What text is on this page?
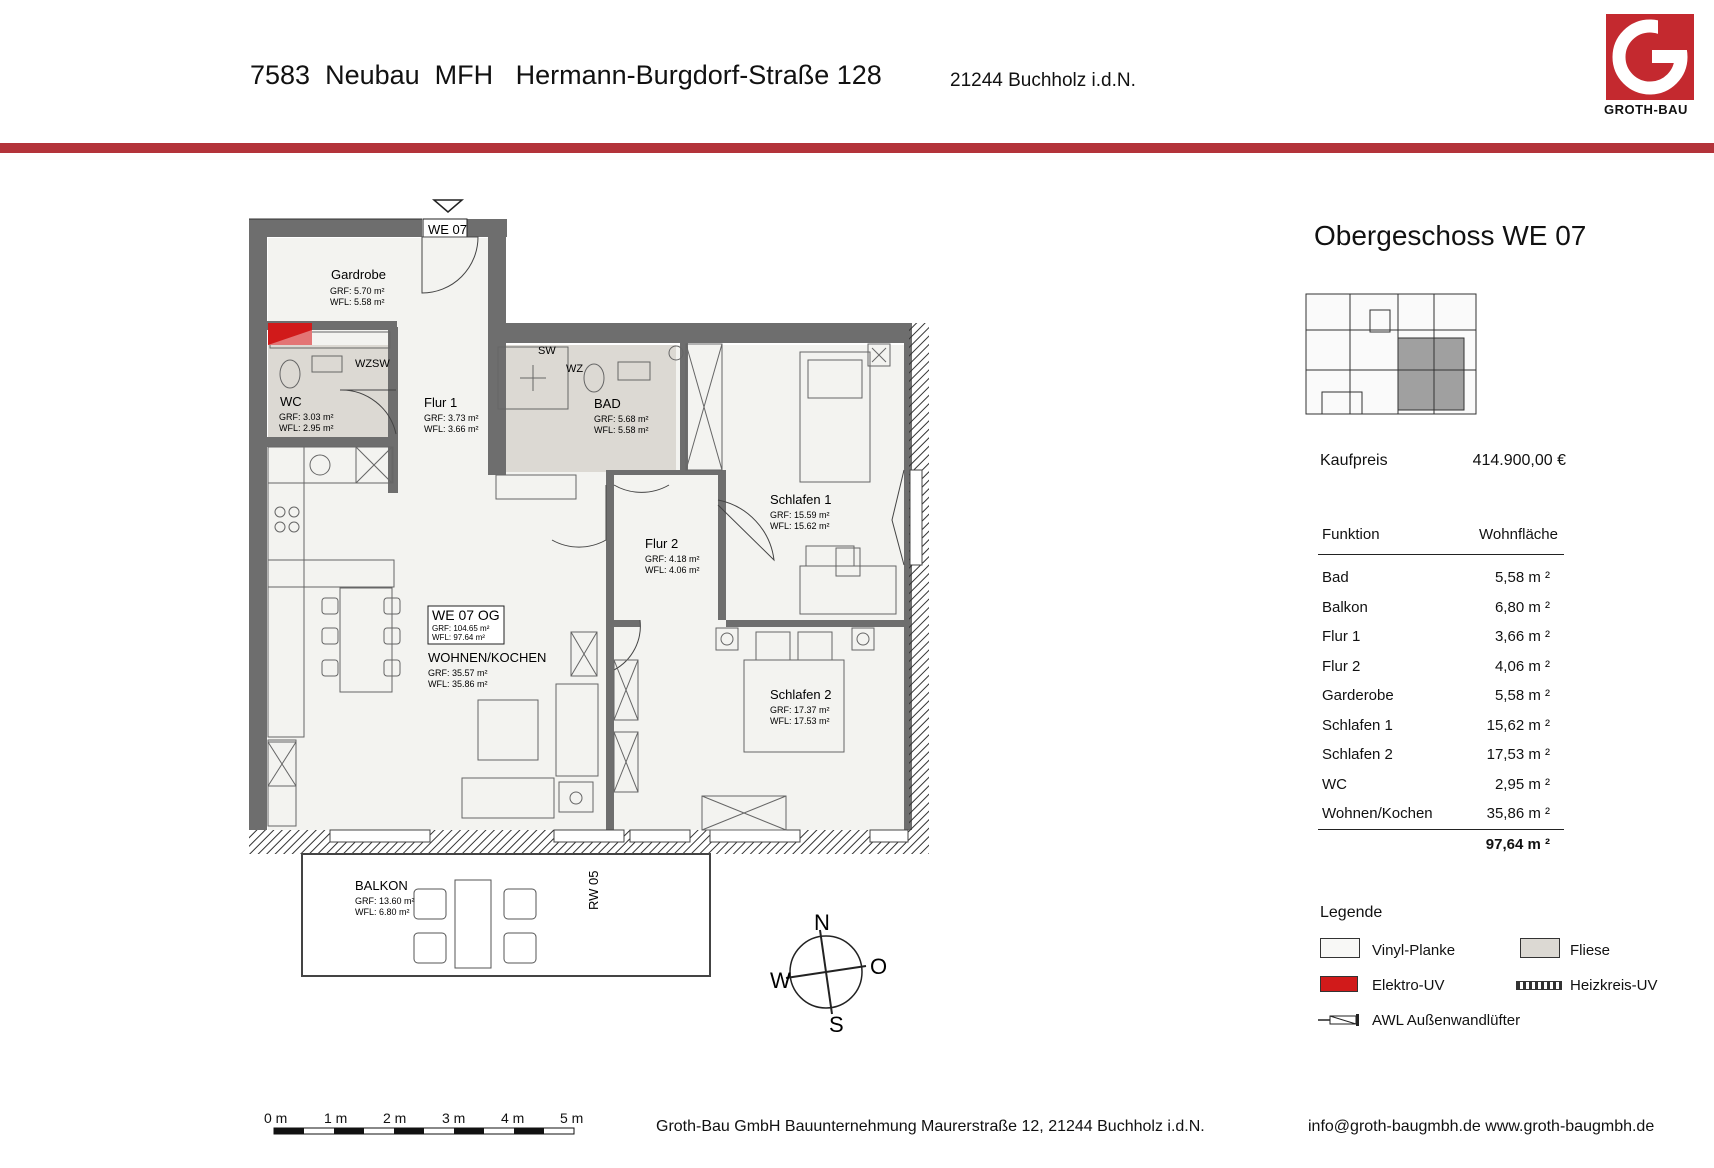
7583  Neubau  MFH   Hermann-Burgdorf-Straße 128	21244 Buchholz i.d.N.
GROTH-BAU
WE 07
SW
WZ
WZ SW
Gardrobe
GRF: 5.70 m²
WFL: 5.58 m²
WC
GRF: 3.03 m²
WFL: 2.95 m²
Flur 1
GRF: 3.73 m²
WFL: 3.66 m²
BAD
GRF: 5.68 m²
WFL: 5.58 m²
Schlafen 1
GRF: 15.59 m²
WFL: 15.62 m²
Flur 2
GRF: 4.18 m²
WFL: 4.06 m²
WOHNEN/KOCHEN
GRF: 35.57 m²
WFL: 35.86 m²
Schlafen 2
GRF: 17.37 m²
WFL: 17.53 m²
BALKON
GRF: 13.60 m²
WFL: 6.80 m²
WE 07 OG
GRF: 104.65 m²
WFL: 97.64 m²
RW 05
N
O
S
W
0 m	1 m	2 m	3 m	4 m	5 m
Obergeschoss WE 07
Kaufpreis	414.900,00 €
Funktion	Wohnfläche
Bad	5,58 m ²
Balkon	6,80 m ²
Flur 1	3,66 m ²
Flur 2	4,06 m ²
Garderobe	5,58 m ²
Schlafen 1	15,62 m ²
Schlafen 2	17,53 m ²
WC	2,95 m ²
Wohnen/Kochen	35,86 m ²
97,64 m ²
Legende
Vinyl-Planke	Fliese
Elektro-UV	Heizkreis-UV
AWL Außenwandlüfter
Groth-Bau GmbH Bauunternehmung Maurerstraße 12, 21244 Buchholz i.d.N.	info@groth-baugmbh.de www.groth-baugmbh.de
